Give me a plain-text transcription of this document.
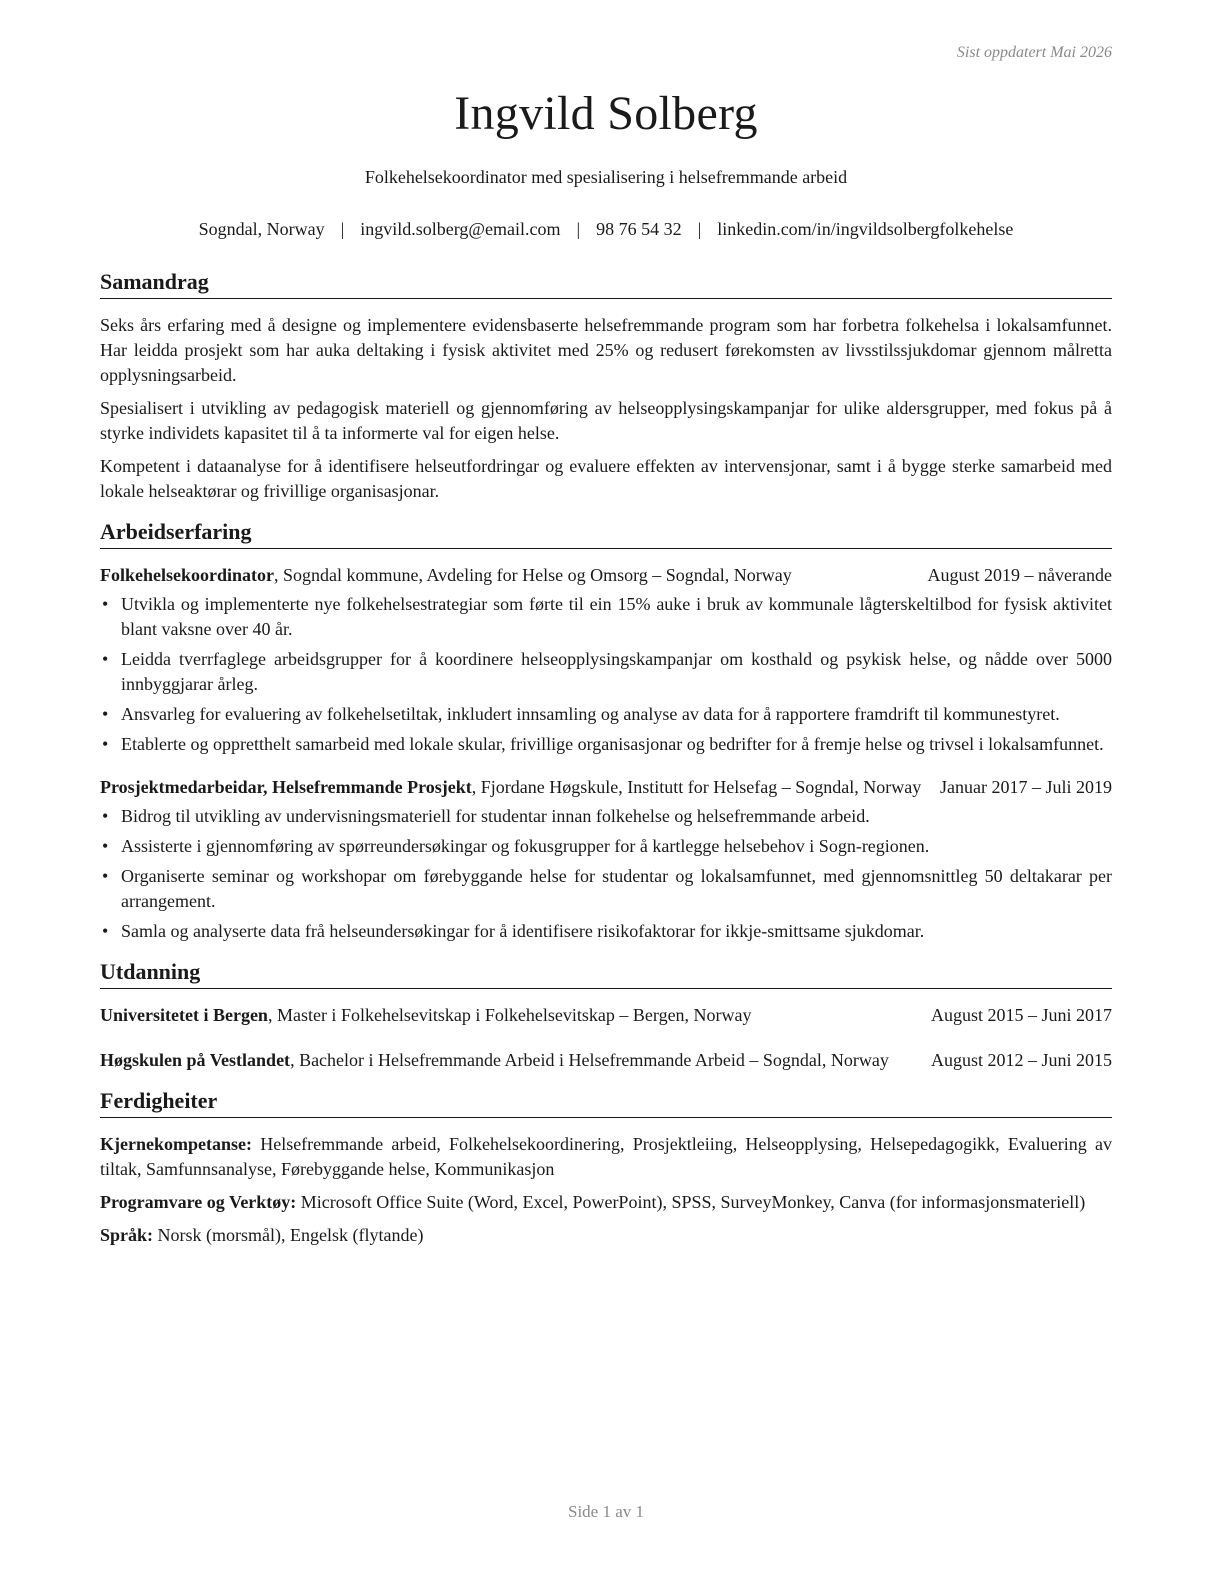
Sist oppdatert Mai 2026
Ingvild Solberg
Folkehelsekoordinator med spesialisering i helsefremmande arbeid
Sogndal, Norway | ingvild.solberg@email.com | 98 76 54 32 | linkedin.com/in/ingvildsolbergfolkehelse
Samandrag

Seks års erfaring med å designe og implementere evidensbaserte helsefremmande program som har forbetra folkehelsa i lokalsamfunnet. Har leidda prosjekt som har auka deltaking i fysisk aktivitet med 25% og redusert førekomsten av livsstilssjukdomar gjennom målretta opplysningsarbeid.

Spesialisert i utvikling av pedagogisk materiell og gjennomføring av helseopplysingskampanjar for ulike aldersgrupper, med fokus på å styrke individets kapasitet til å ta informerte val for eigen helse.

Kompetent i dataanalyse for å identifisere helseutfordringar og evaluere effekten av intervensjonar, samt i å bygge sterke samarbeid med lokale helseaktørar og frivillige organisasjonar.

Arbeidserfaring
Folkehelsekoordinator, Sogndal kommune, Avdeling for Helse og Omsorg – Sogndal, Norway	August 2019 – nåverande
• Utvikla og implementerte nye folkehelsestrategiar som førte til ein 15% auke i bruk av kommunale lågterskeltilbod for fysisk aktivitet blant vaksne over 40 år.
• Leidda tverrfaglege arbeidsgrupper for å koordinere helseopplysingskampanjar om kosthald og psykisk helse, og nådde over 5000 innbyggjarar årleg.
• Ansvarleg for evaluering av folkehelsetiltak, inkludert innsamling og analyse av data for å rapportere framdrift til kommunestyret.
• Etablerte og oppretthelt samarbeid med lokale skular, frivillige organisasjonar og bedrifter for å fremje helse og trivsel i lokalsamfunnet.
Prosjektmedarbeidar, Helsefremmande Prosjekt, Fjordane Høgskule, Institutt for Helsefag – Sogndal, Norway	Januar 2017 – Juli 2019
• Bidrog til utvikling av undervisningsmateriell for studentar innan folkehelse og helsefremmande arbeid.
• Assisterte i gjennomføring av spørreundersøkingar og fokusgrupper for å kartlegge helsebehov i Sogn-regionen.
• Organiserte seminar og workshopar om førebyggande helse for studentar og lokalsamfunnet, med gjennomsnittleg 50 deltakarar per arrangement.
• Samla og analyserte data frå helseundersøkingar for å identifisere risikofaktorar for ikkje-smittsame sjukdomar.
Utdanning
Universitetet i Bergen, Master i Folkehelsevitskap i Folkehelsevitskap – Bergen, Norway	August 2015 – Juni 2017
Høgskulen på Vestlandet, Bachelor i Helsefremmande Arbeid i Helsefremmande Arbeid – Sogndal, Norway	August 2012 – Juni 2015
Ferdigheiter

Kjernekompetanse: Helsefremmande arbeid, Folkehelsekoordinering, Prosjektleiing, Helseopplysing, Helsepedagogikk, Evaluering av tiltak, Samfunnsanalyse, Førebyggande helse, Kommunikasjon

Programvare og Verktøy: Microsoft Office Suite (Word, Excel, PowerPoint), SPSS, SurveyMonkey, Canva (for informasjonsmateriell)

Språk: Norsk (morsmål), Engelsk (flytande)

Side 1 av 1
